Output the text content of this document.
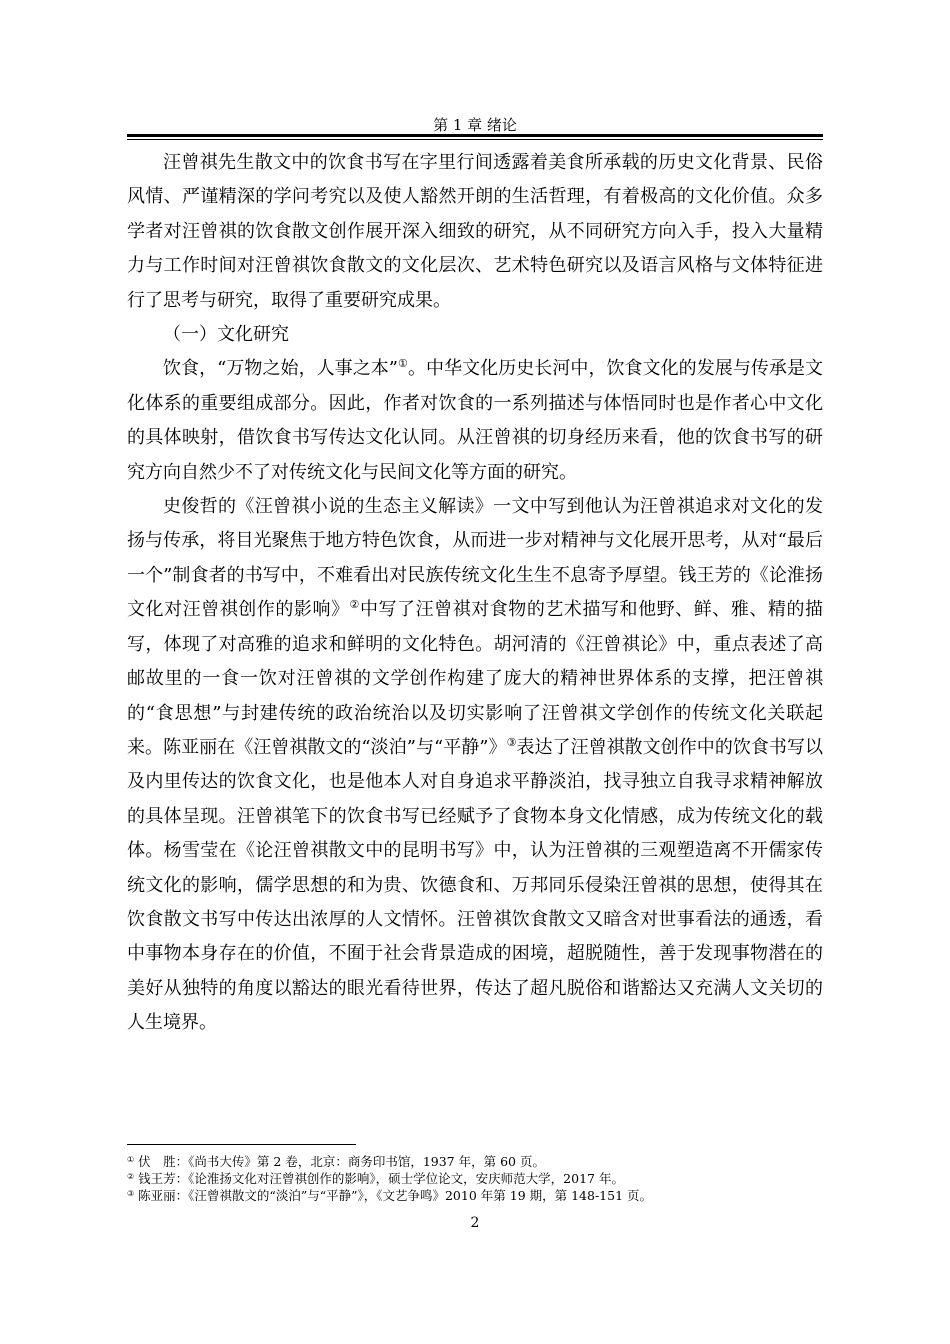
第 1 章 绪论

汪曾祺先生散文中的饮食书写在字里行间透露着美食所承载的历史文化背景、民俗风情、严谨精深的学问考究以及使人豁然开朗的生活哲理，有着极高的文化价值。众多学者对汪曾祺的饮食散文创作展开深入细致的研究，从不同研究方向入手，投入大量精力与工作时间对汪曾祺饮食散文的文化层次、艺术特色研究以及语言风格与文体特征进行了思考与研究，取得了重要研究成果。

（一）文化研究

饮食，“万物之始，人事之本”①。中华文化历史长河中，饮食文化的发展与传承是文化体系的重要组成部分。因此，作者对饮食的一系列描述与体悟同时也是作者心中文化的具体映射，借饮食书写传达文化认同。从汪曾祺的切身经历来看，他的饮食书写的研究方向自然少不了对传统文化与民间文化等方面的研究。

史俊哲的《汪曾祺小说的生态主义解读》一文中写到他认为汪曾祺追求对文化的发扬与传承，将目光聚焦于地方特色饮食，从而进一步对精神与文化展开思考，从对“最后一个”制食者的书写中，不难看出对民族传统文化生生不息寄予厚望。钱王芳的《论淮扬文化对汪曾祺创作的影响》②中写了汪曾祺对食物的艺术描写和他野、鲜、雅、精的描写，体现了对高雅的追求和鲜明的文化特色。胡河清的《汪曾祺论》中，重点表述了高邮故里的一食一饮对汪曾祺的文学创作构建了庞大的精神世界体系的支撑，把汪曾祺的“食思想”与封建传统的政治统治以及切实影响了汪曾祺文学创作的传统文化关联起来。陈亚丽在《汪曾祺散文的“淡泊”与“平静”》③表达了汪曾祺散文创作中的饮食书写以及内里传达的饮食文化，也是他本人对自身追求平静淡泊，找寻独立自我寻求精神解放的具体呈现。汪曾祺笔下的饮食书写已经赋予了食物本身文化情感，成为传统文化的载体。杨雪莹在《论汪曾祺散文中的昆明书写》中，认为汪曾祺的三观塑造离不开儒家传统文化的影响，儒学思想的和为贵、饮德食和、万邦同乐侵染汪曾祺的思想，使得其在饮食散文书写中传达出浓厚的人文情怀。汪曾祺饮食散文又暗含对世事看法的通透，看中事物本身存在的价值，不囿于社会背景造成的困境，超脱随性，善于发现事物潜在的美好从独特的角度以豁达的眼光看待世界，传达了超凡脱俗和谐豁达又充满人文关切的人生境界。

① 伏　胜：《尚书大传》第 2 卷，北京：商务印书馆，1937 年，第 60 页。
② 钱王芳：《论淮扬文化对汪曾祺创作的影响》，硕士学位论文，安庆师范大学，2017 年。
③ 陈亚丽：《汪曾祺散文的“淡泊”与“平静”》，《文艺争鸣》2010 年第 19 期，第 148-151 页。
2
